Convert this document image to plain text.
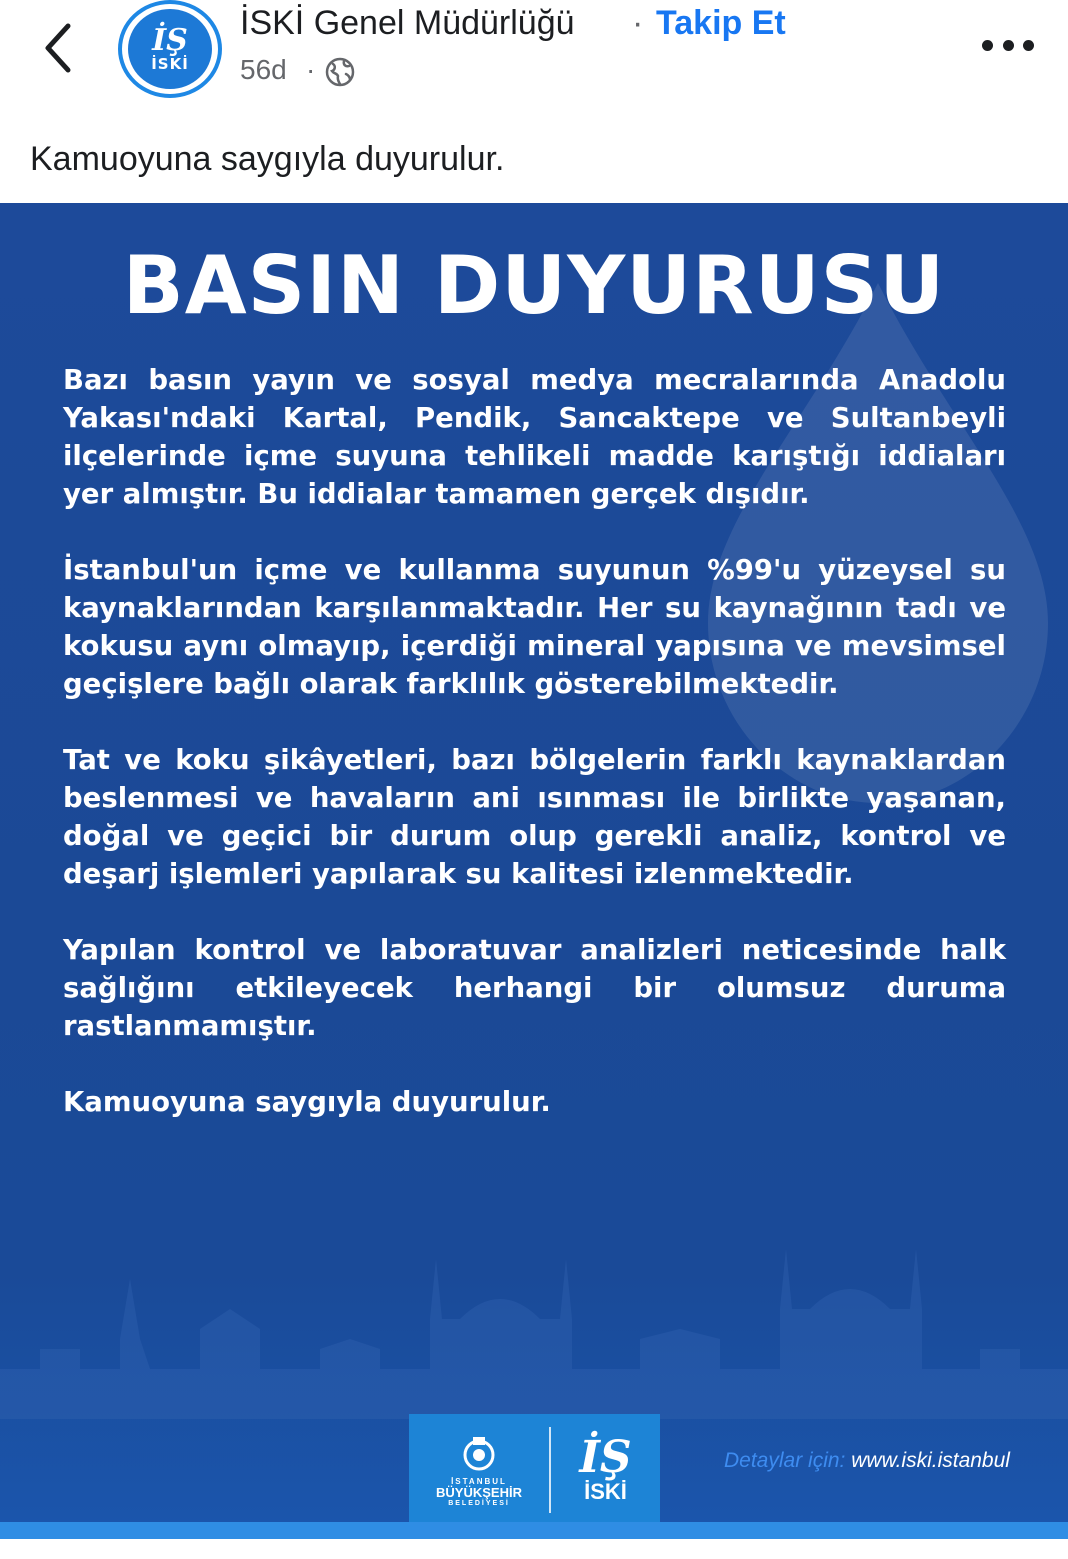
İŞ
İSKİ
İSKİ Genel Müdürlüğü · Takip Et
56d ·
Kamuoyuna saygıyla duyurulur.
BASIN DUYURUSU

Bazı basın yayın ve sosyal medya mecralarında Anadolu Yakası'ndaki Kartal, Pendik, Sancaktepe ve Sultanbeyli ilçelerinde içme suyuna tehlikeli madde karıştığı iddiaları yer almıştır. Bu iddialar tamamen gerçek dışıdır.

İstanbul'un içme ve kullanma suyunun %99'u yüzeysel su kaynaklarından karşılanmaktadır. Her su kaynağının tadı ve kokusu aynı olmayıp, içerdiği mineral yapısına ve mevsimsel geçişlere bağlı olarak farklılık gösterebilmektedir.

Tat ve koku şikâyetleri, bazı bölgelerin farklı kaynaklardan beslenmesi ve havaların ani ısınması ile birlikte yaşanan, doğal ve geçici bir durum olup gerekli analiz, kontrol ve deşarj işlemleri yapılarak su kalitesi izlenmektedir.

Yapılan kontrol ve laboratuvar analizleri neticesinde halk sağlığını etkileyecek herhangi bir olumsuz duruma rastlanmamıştır.

Kamuoyuna saygıyla duyurulur.

İSTANBUL
BÜYÜKŞEHİR
BELEDİYESİ
İŞ
İSKİ
Detaylar için: www.iski.istanbul
